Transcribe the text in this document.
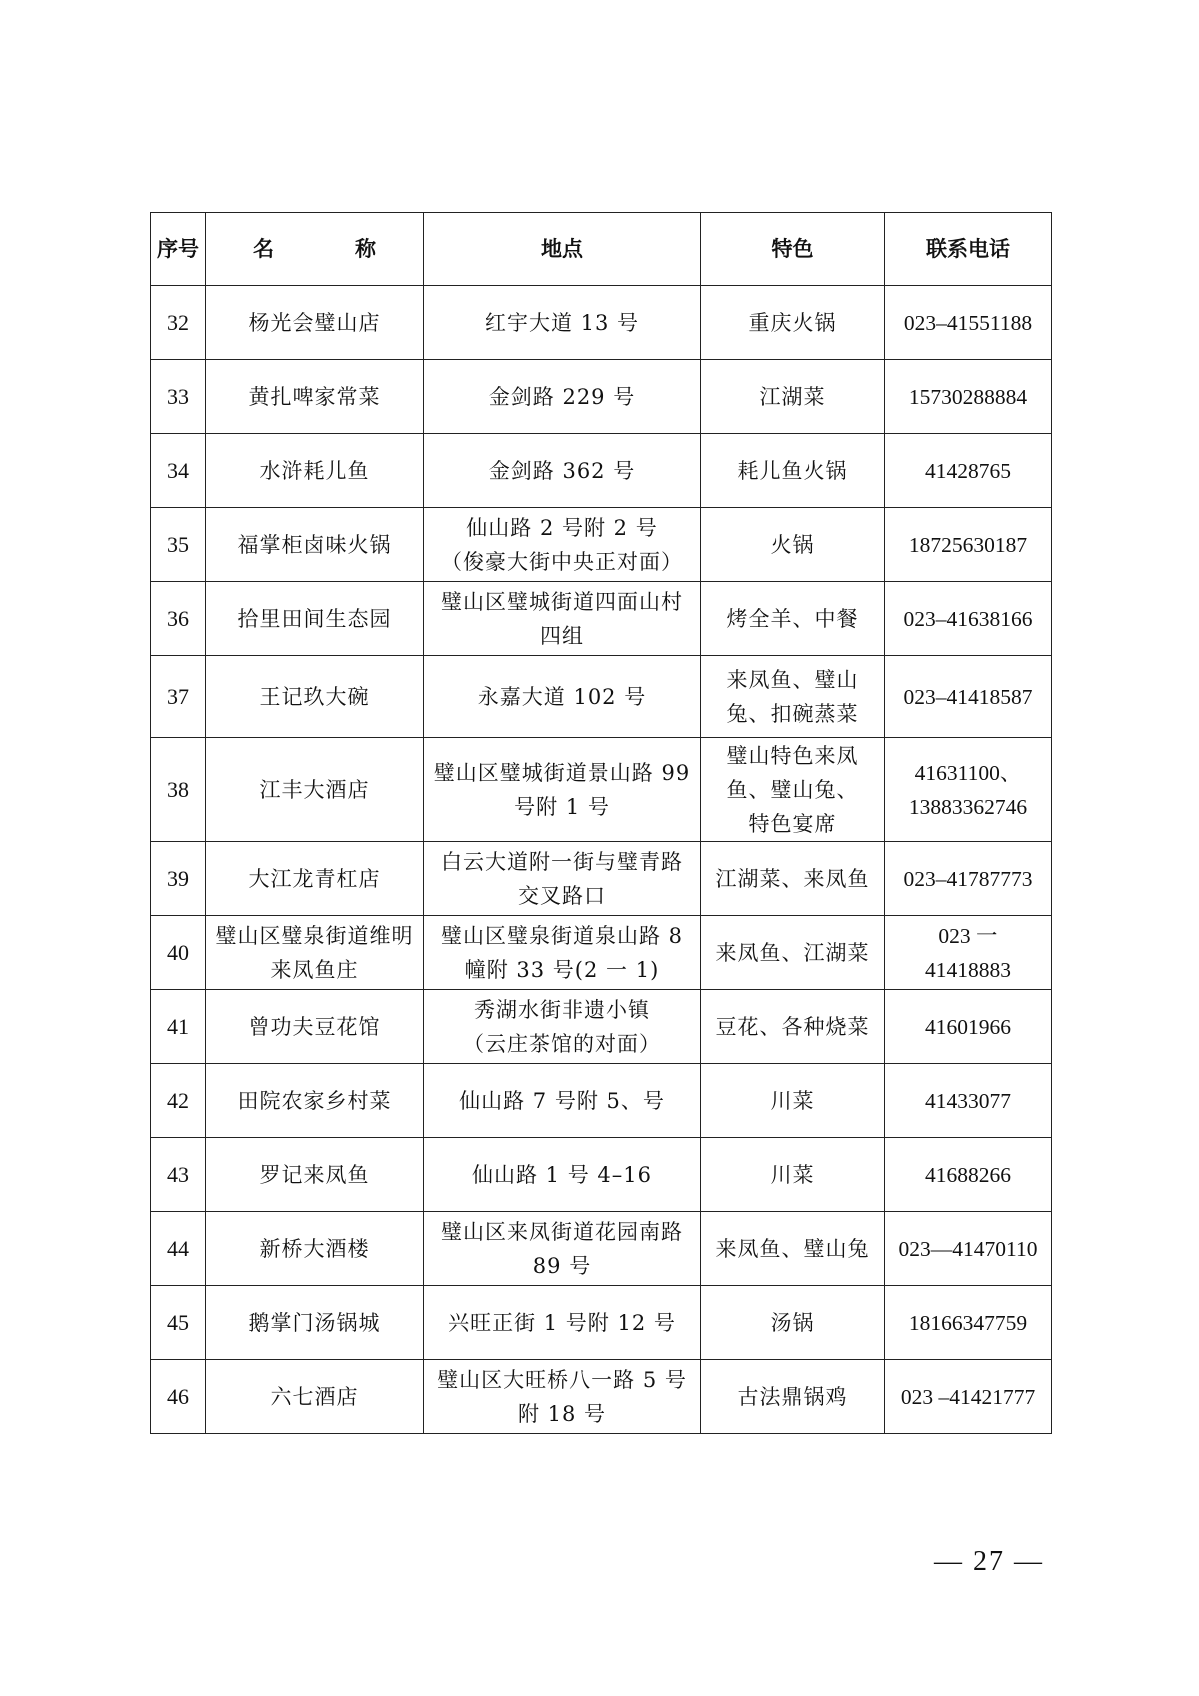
序号	名　称	地点	特色	联系电话
32	杨光会璧山店	红宇大道 13 号	重庆火锅	023–41551188
33	黄扎啤家常菜	金剑路 229 号	江湖菜	15730288884
34	水浒耗儿鱼	金剑路 362 号	耗儿鱼火锅	41428765
35	福掌柜卤味火锅	仙山路 2 号附 2 号
（俊豪大街中央正对面）	火锅	18725630187
36	拾里田间生态园	璧山区璧城街道四面山村
四组	烤全羊、中餐	023–41638166
37	王记玖大碗	永嘉大道 102 号	来凤鱼、璧山
兔、扣碗蒸菜	023–41418587
38	江丰大酒店	璧山区璧城街道景山路 99
号附 1 号	璧山特色来凤
鱼、璧山兔、
特色宴席	41631100、
13883362746
39	大江龙青杠店	白云大道附一街与璧青路
交叉路口	江湖菜、来凤鱼	023–41787773
40	璧山区璧泉街道维明
来凤鱼庄	璧山区璧泉街道泉山路 8
幢附 33 号(2 一 1)	来凤鱼、江湖菜	023 一
41418883
41	曾功夫豆花馆	秀湖水街非遗小镇
（云庄茶馆的对面）	豆花、各种烧菜	41601966
42	田院农家乡村菜	仙山路 7 号附 5、号	川菜	41433077
43	罗记来凤鱼	仙山路 1 号 4–16	川菜	41688266
44	新桥大酒楼	璧山区来凤街道花园南路
89 号	来凤鱼、璧山兔	023—41470110
45	鹅掌门汤锅城	兴旺正街 1 号附 12 号	汤锅	18166347759
46	六七酒店	璧山区大旺桥八一路 5 号
附 18 号	古法鼎锅鸡	023 –41421777
— 27 —
